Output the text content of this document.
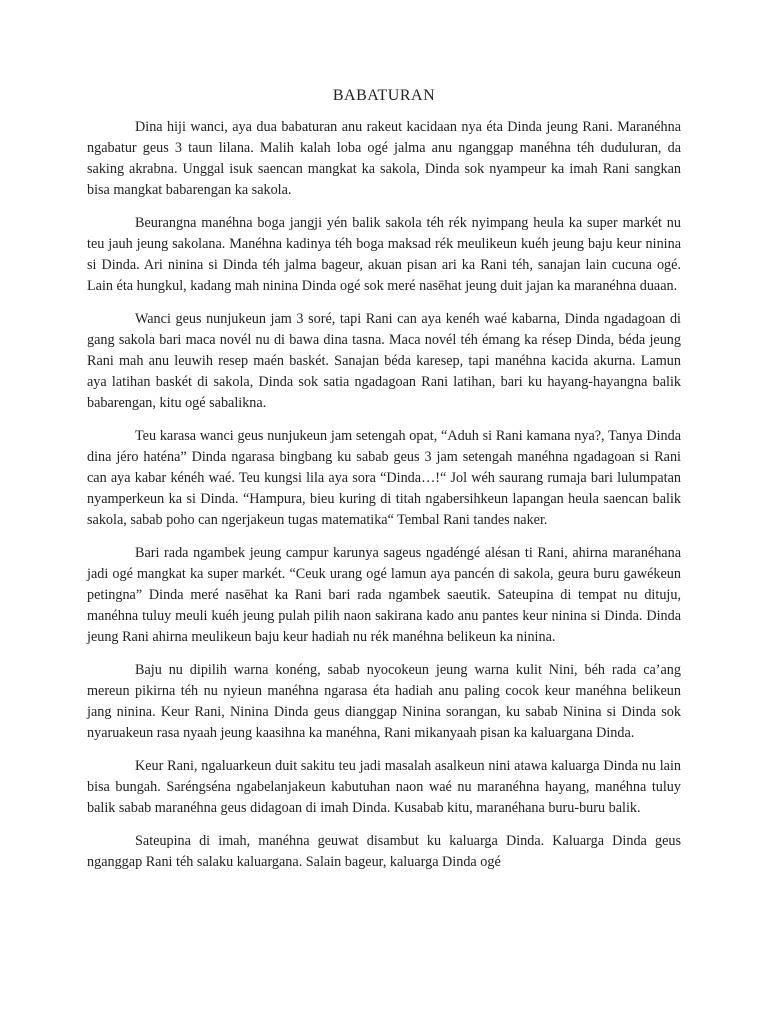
BABATURAN

Dina hiji wanci, aya dua babaturan anu rakeut kacidaan nya éta Dinda jeung Rani. Maranéhna ngabatur geus 3 taun lilana. Malih kalah loba ogé jalma anu nganggap manéhna téh duduluran, da saking akrabna. Unggal isuk saencan mangkat ka sakola, Dinda sok nyampeur ka imah Rani sangkan bisa mangkat babarengan ka sakola.

Beurangna manéhna boga jangji yén balik sakola téh rék nyimpang heula ka super markét nu teu jauh jeung sakolana. Manéhna kadinya téh boga maksad rék meulikeun kuéh jeung baju keur ninina si Dinda. Ari ninina si Dinda téh jalma bageur, akuan pisan ari ka Rani téh, sanajan lain cucuna ogé. Lain éta hungkul, kadang mah ninina Dinda ogé sok meré nasēhat jeung duit jajan ka maranéhna duaan.

Wanci geus nunjukeun jam 3 soré, tapi Rani can aya kenéh waé kabarna, Dinda ngadagoan di gang sakola bari maca novél nu di bawa dina tasna. Maca novél téh émang ka résep Dinda, béda jeung Rani mah anu leuwih resep maén baskét. Sanajan béda karesep, tapi manéhna kacida akurna. Lamun aya latihan baskét di sakola, Dinda sok satia ngadagoan Rani latihan, bari ku hayang-hayangna balik babarengan, kitu ogé sabalikna.

Teu karasa wanci geus nunjukeun jam setengah opat, “Aduh si Rani kamana nya?, Tanya Dinda dina jéro haténa” Dinda ngarasa bingbang ku sabab geus 3 jam setengah manéhna ngadagoan si Rani can aya kabar kénéh waé. Teu kungsi lila aya sora “Dinda…!“ Jol wéh saurang rumaja bari lulumpatan nyamperkeun ka si Dinda. “Hampura, bieu kuring di titah ngabersihkeun lapangan heula saencan balik sakola, sabab poho can ngerjakeun tugas matematika“ Tembal Rani tandes naker.

Bari rada ngambek jeung campur karunya sageus ngadéngé alésan ti Rani, ahirna maranéhana jadi ogé mangkat ka super markét. “Ceuk urang ogé lamun aya pancén di sakola, geura buru gawékeun petingna” Dinda meré nasēhat ka Rani bari rada ngambek saeutik. Sateupina di tempat nu dituju, manéhna tuluy meuli kuéh jeung pulah pilih naon sakirana kado anu pantes keur ninina si Dinda. Dinda jeung Rani ahirna meulikeun baju keur hadiah nu rék manéhna belikeun ka ninina.

Baju nu dipilih warna konéng, sabab nyocokeun jeung warna kulit Nini, béh rada ca’ang mereun pikirna téh nu nyieun manéhna ngarasa éta hadiah anu paling cocok keur manéhna belikeun jang ninina. Keur Rani, Ninina Dinda geus dianggap Ninina sorangan, ku sabab Ninina si Dinda sok nyaruakeun rasa nyaah jeung kaasihna ka manéhna, Rani mikanyaah pisan ka kaluargana Dinda.

Keur Rani, ngaluarkeun duit sakitu teu jadi masalah asalkeun nini atawa kaluarga Dinda nu lain bisa bungah. Saréngséna ngabelanjakeun kabutuhan naon waé nu maranéhna hayang, manéhna tuluy balik sabab maranéhna geus didagoan di imah Dinda. Kusabab kitu, maranéhana buru-buru balik.

Sateupina di imah, manéhna geuwat disambut ku kaluarga Dinda. Kaluarga Dinda geus nganggap Rani téh salaku kaluargana. Salain bageur, kaluarga Dinda ogé
